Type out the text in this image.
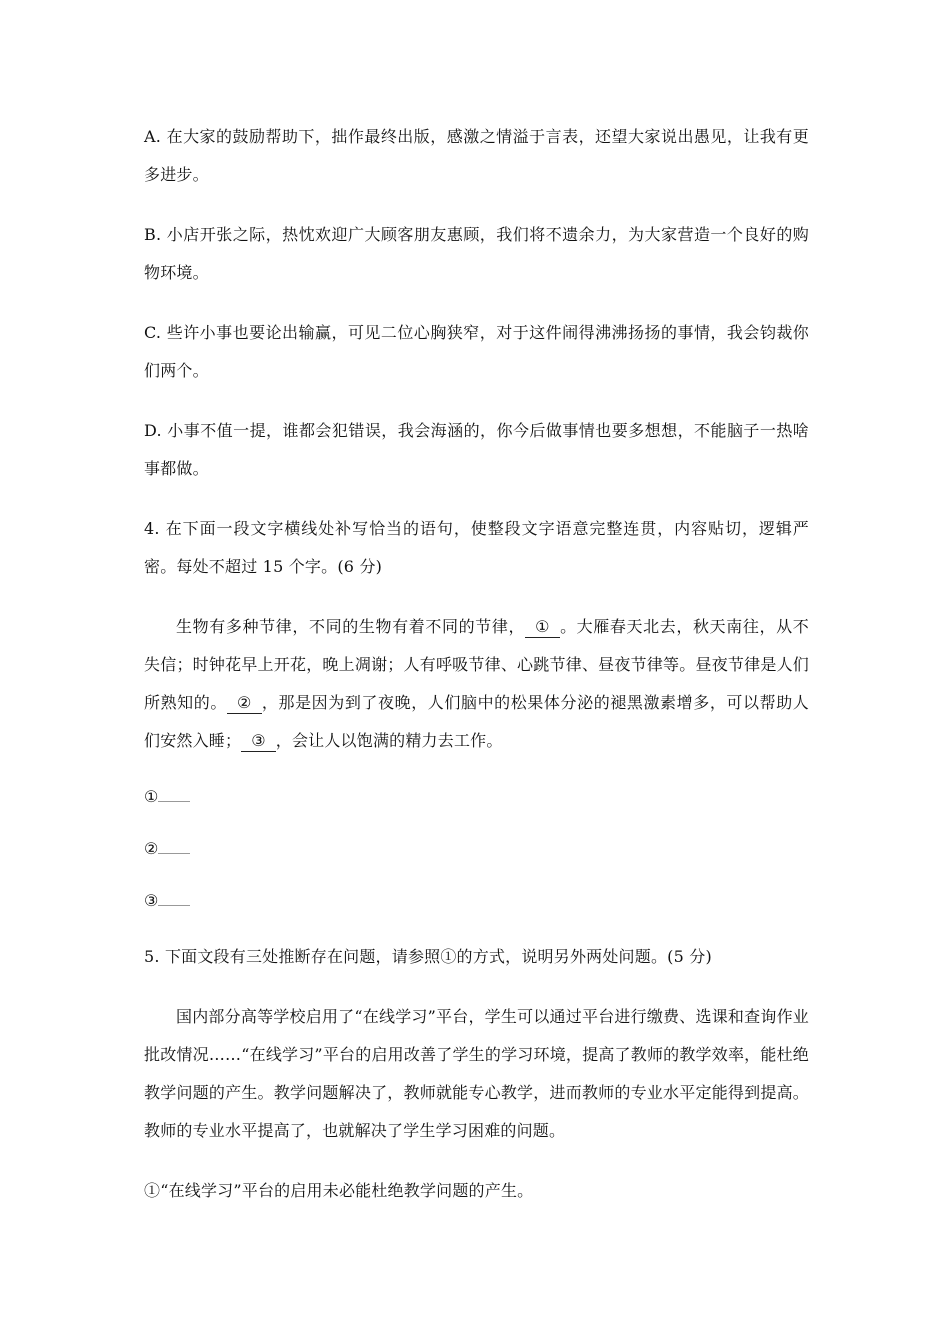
A. 在大家的鼓励帮助下，拙作最终出版，感激之情溢于言表，还望大家说出愚见，让我有更多进步。

B. 小店开张之际，热忱欢迎广大顾客朋友惠顾，我们将不遗余力，为大家营造一个良好的购物环境。

C. 些许小事也要论出输赢，可见二位心胸狭窄，对于这件闹得沸沸扬扬的事情，我会钧裁你们两个。

D. 小事不值一提，谁都会犯错误，我会海涵的，你今后做事情也要多想想，不能脑子一热啥事都做。

4. 在下面一段文字横线处补写恰当的语句，使整段文字语意完整连贯，内容贴切，逻辑严密。每处不超过 15 个字。(6 分)

生物有多种节律，不同的生物有着不同的节律， ① 。大雁春天北去，秋天南往，从不失信；时钟花早上开花，晚上凋谢；人有呼吸节律、心跳节律、昼夜节律等。昼夜节律是人们所熟知的。 ② ，那是因为到了夜晚，人们脑中的松果体分泌的褪黑激素增多，可以帮助人们安然入睡； ③ ，会让人以饱满的精力去工作。

①
②
③

5. 下面文段有三处推断存在问题，请参照①的方式，说明另外两处问题。(5 分)

国内部分高等学校启用了“在线学习”平台，学生可以通过平台进行缴费、选课和查询作业批改情况……“在线学习”平台的启用改善了学生的学习环境，提高了教师的教学效率，能杜绝教学问题的产生。教学问题解决了，教师就能专心教学，进而教师的专业水平定能得到提高。教师的专业水平提高了，也就解决了学生学习困难的问题。

①“在线学习”平台的启用未必能杜绝教学问题的产生。
